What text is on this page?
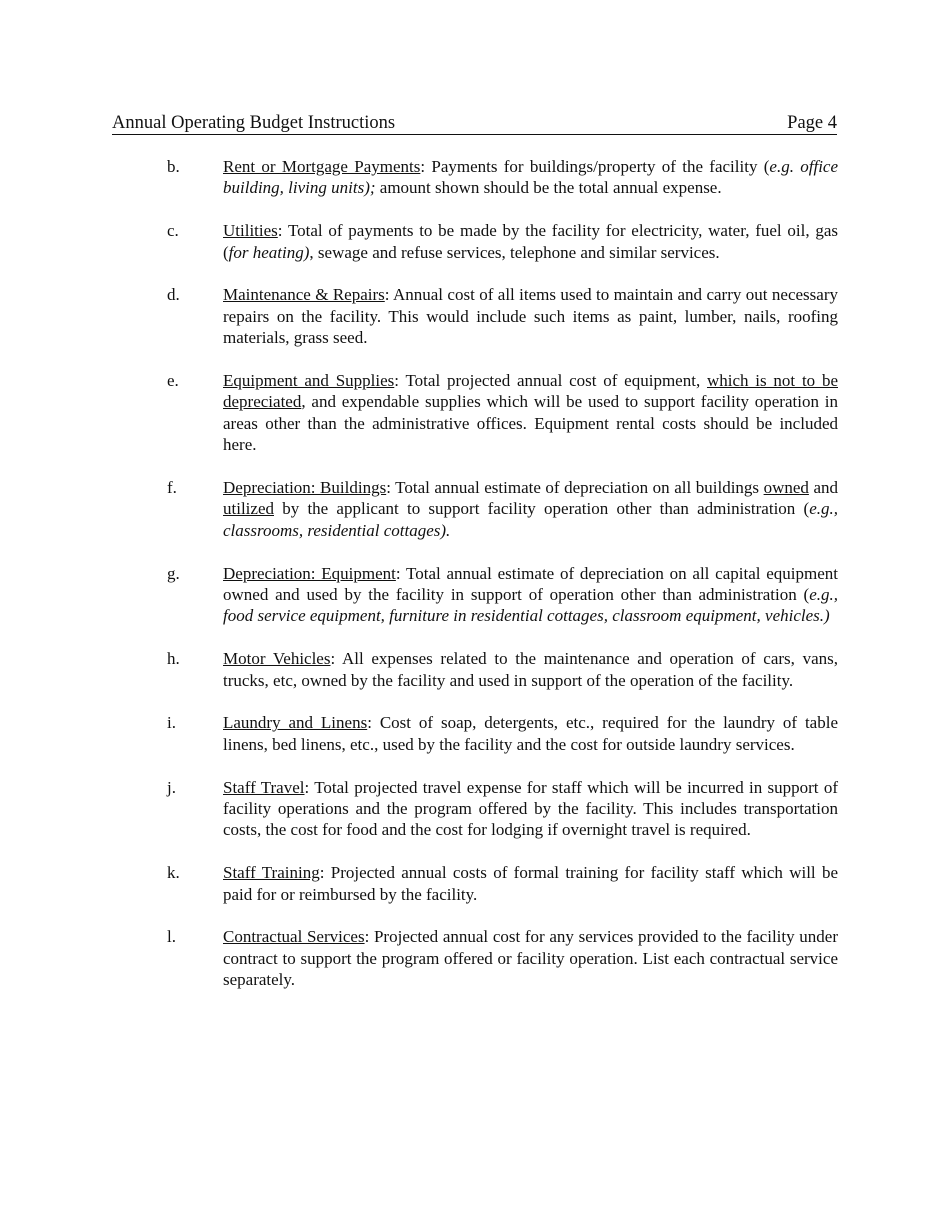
Annual Operating Budget Instructions	Page 4
b.	Rent or Mortgage Payments: Payments for buildings/property of the facility (e.g. office building, living units); amount shown should be the total annual expense.
c.	Utilities: Total of payments to be made by the facility for electricity, water, fuel oil, gas (for heating), sewage and refuse services, telephone and similar services.
d.	Maintenance & Repairs: Annual cost of all items used to maintain and carry out necessary repairs on the facility. This would include such items as paint, lumber, nails, roofing materials, grass seed.
e.	Equipment and Supplies: Total projected annual cost of equipment, which is not to be depreciated, and expendable supplies which will be used to support facility operation in areas other than the administrative offices. Equipment rental costs should be included here.
f.	Depreciation: Buildings: Total annual estimate of depreciation on all buildings owned and utilized by the applicant to support facility operation other than administration (e.g., classrooms, residential cottages).
g.	Depreciation: Equipment: Total annual estimate of depreciation on all capital equipment owned and used by the facility in support of operation other than administration (e.g., food service equipment, furniture in residential cottages, classroom equipment, vehicles.)
h.	Motor Vehicles: All expenses related to the maintenance and operation of cars, vans, trucks, etc, owned by the facility and used in support of the operation of the facility.
i.	Laundry and Linens: Cost of soap, detergents, etc., required for the laundry of table linens, bed linens, etc., used by the facility and the cost for outside laundry services.
j.	Staff Travel: Total projected travel expense for staff which will be incurred in support of facility operations and the program offered by the facility. This includes transportation costs, the cost for food and the cost for lodging if overnight travel is required.
k.	Staff Training: Projected annual costs of formal training for facility staff which will be paid for or reimbursed by the facility.
l.	Contractual Services: Projected annual cost for any services provided to the facility under contract to support the program offered or facility operation. List each contractual service separately.
